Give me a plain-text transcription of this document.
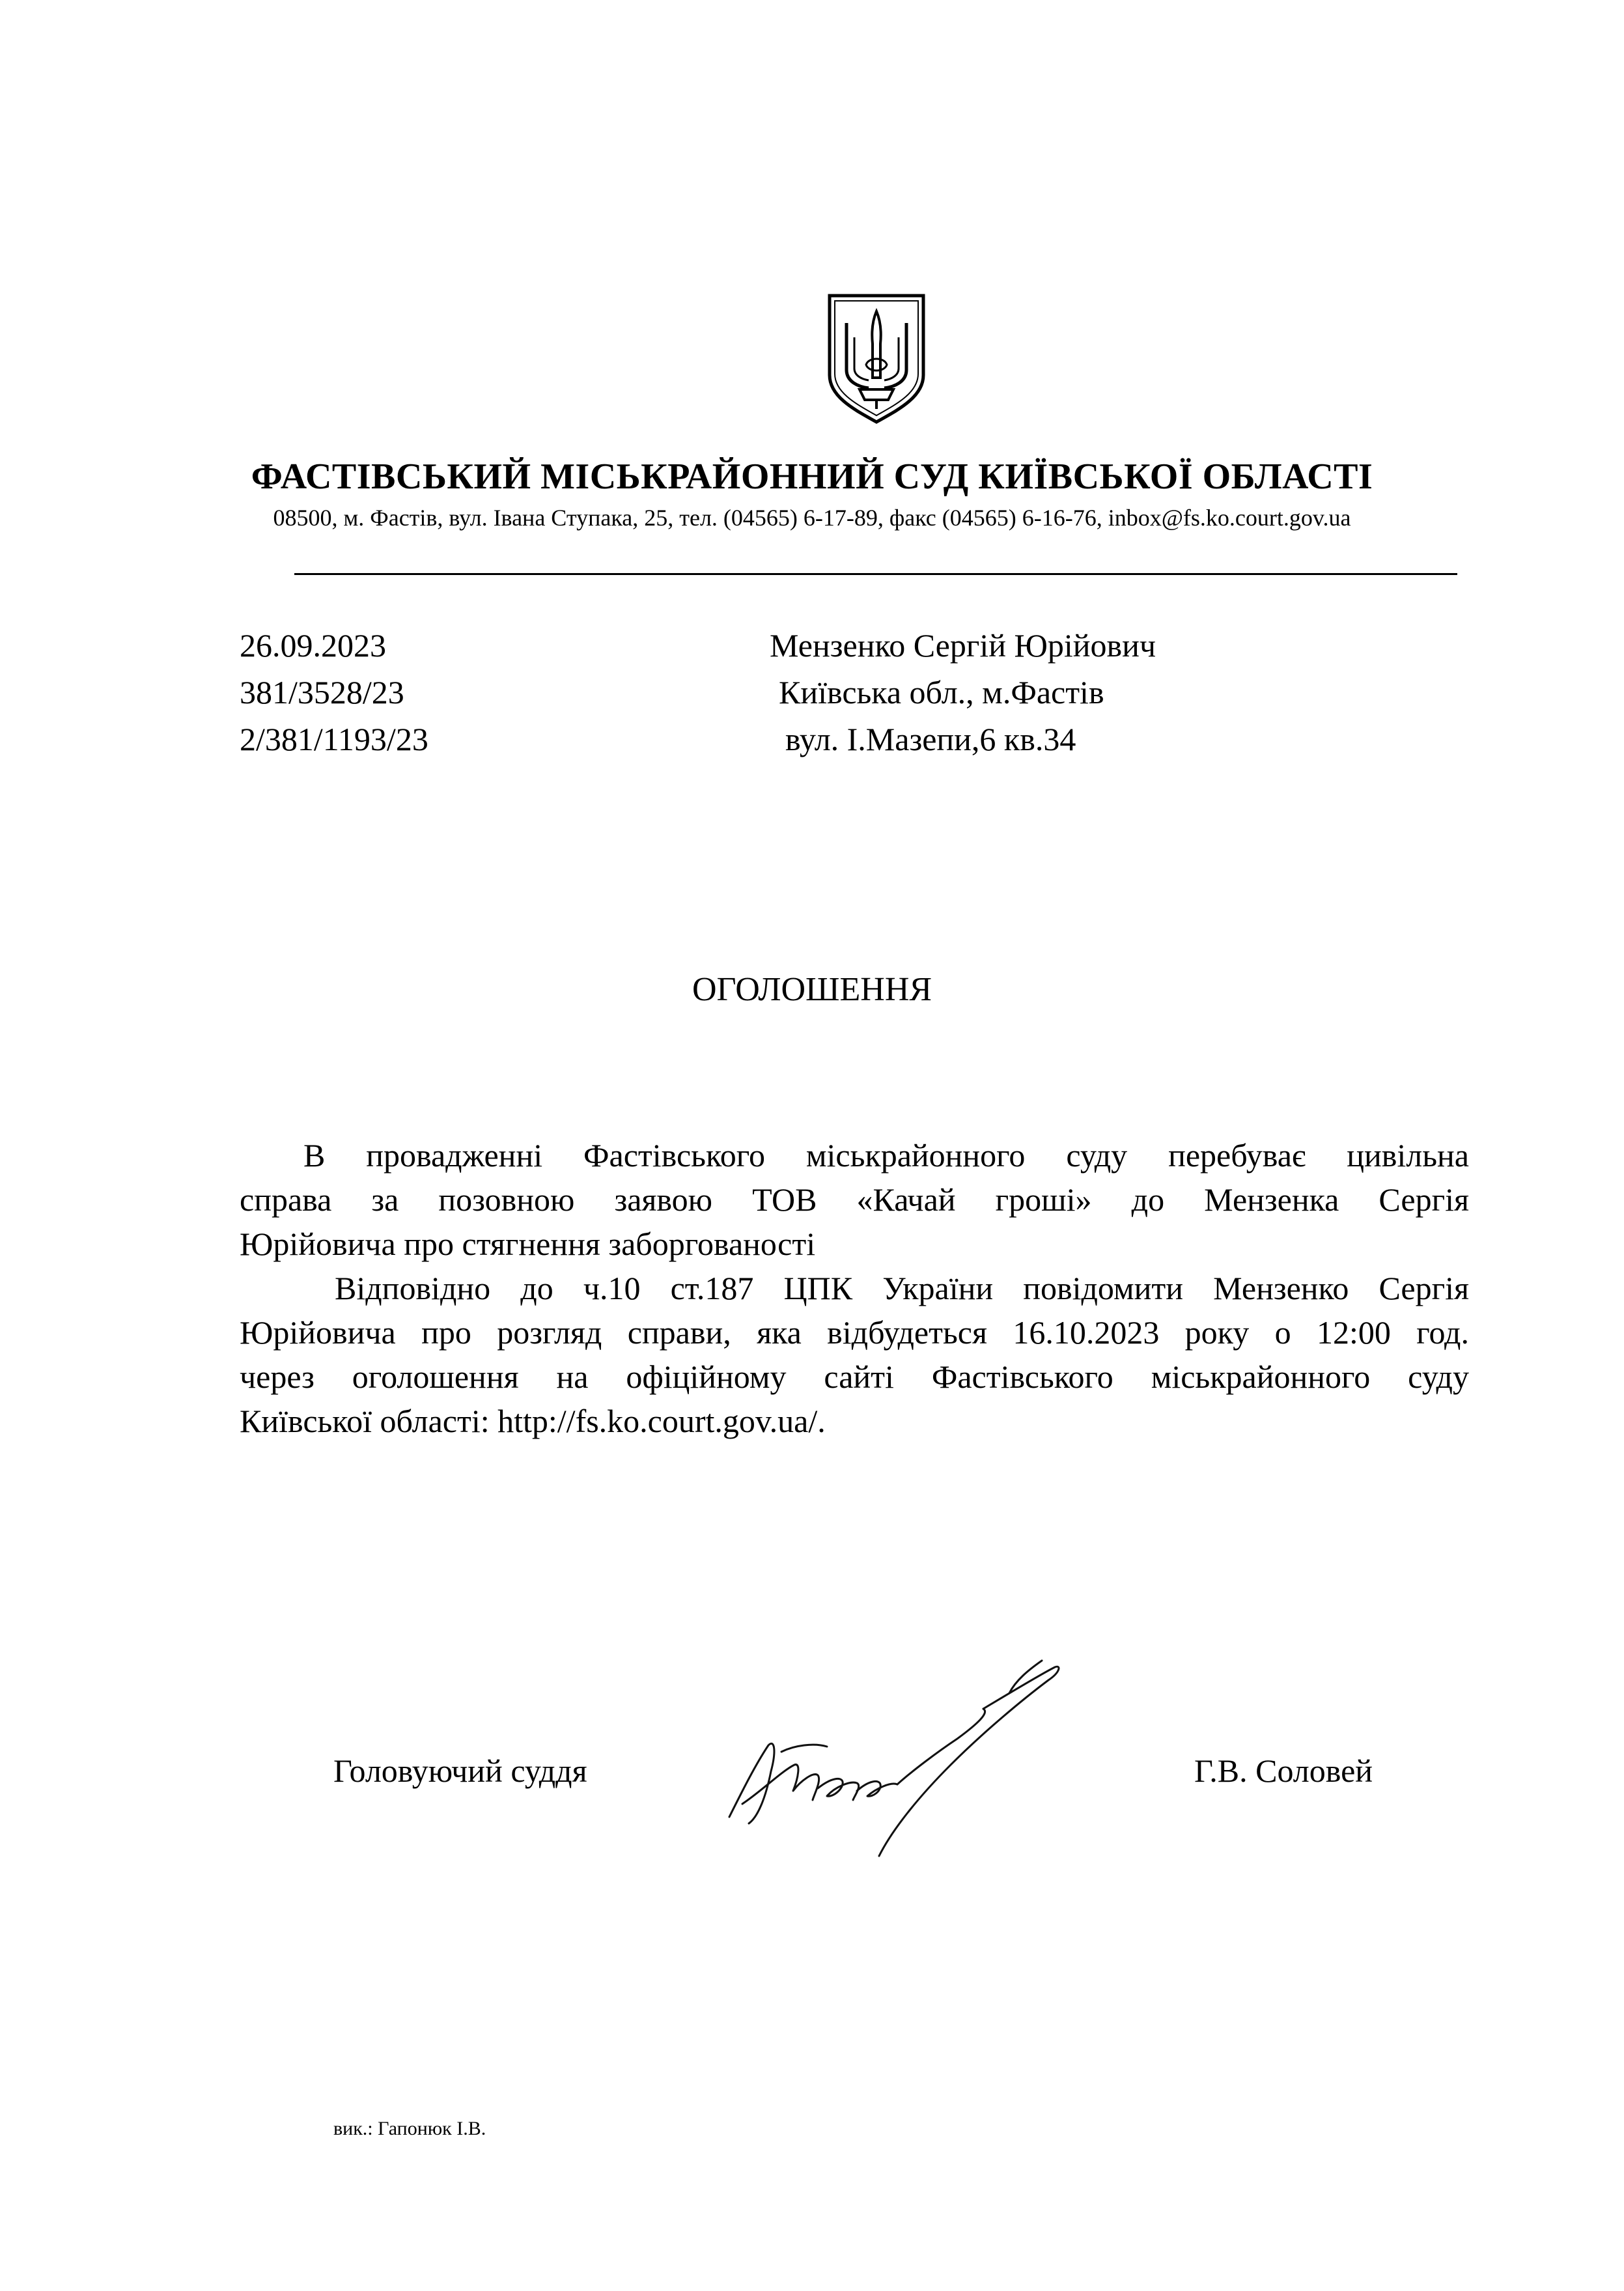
ФАСТІВСЬКИЙ МІСЬКРАЙОННИЙ СУД КИЇВСЬКОЇ ОБЛАСТІ
08500, м. Фастів, вул. Івана Ступака, 25, тел. (04565) 6-17-89, факс (04565) 6-16-76, inbox@fs.ko.court.gov.ua
26.09.2023
381/3528/23
2/381/1193/23
Мензенко Сергій Юрійович
Київська обл., м.Фастів
вул. І.Мазепи,6 кв.34
ОГОЛОШЕННЯ
В провадженні Фастівського міськрайонного суду перебуває цивільна
справа за позовною заявою ТОВ «Качай гроші» до Мензенка Сергія
Юрійовича про стягнення заборгованості
Відповідно до ч.10 ст.187 ЦПК України повідомити Мензенко Сергія
Юрійовича про розгляд справи, яка відбудеться 16.10.2023 року о 12:00 год.
через оголошення на офіційному сайті Фастівського міськрайонного суду
Київської області: http://fs.ko.court.gov.ua/.
Головуючий суддя	Г.В. Соловей
вик.: Гапонюк І.В.
